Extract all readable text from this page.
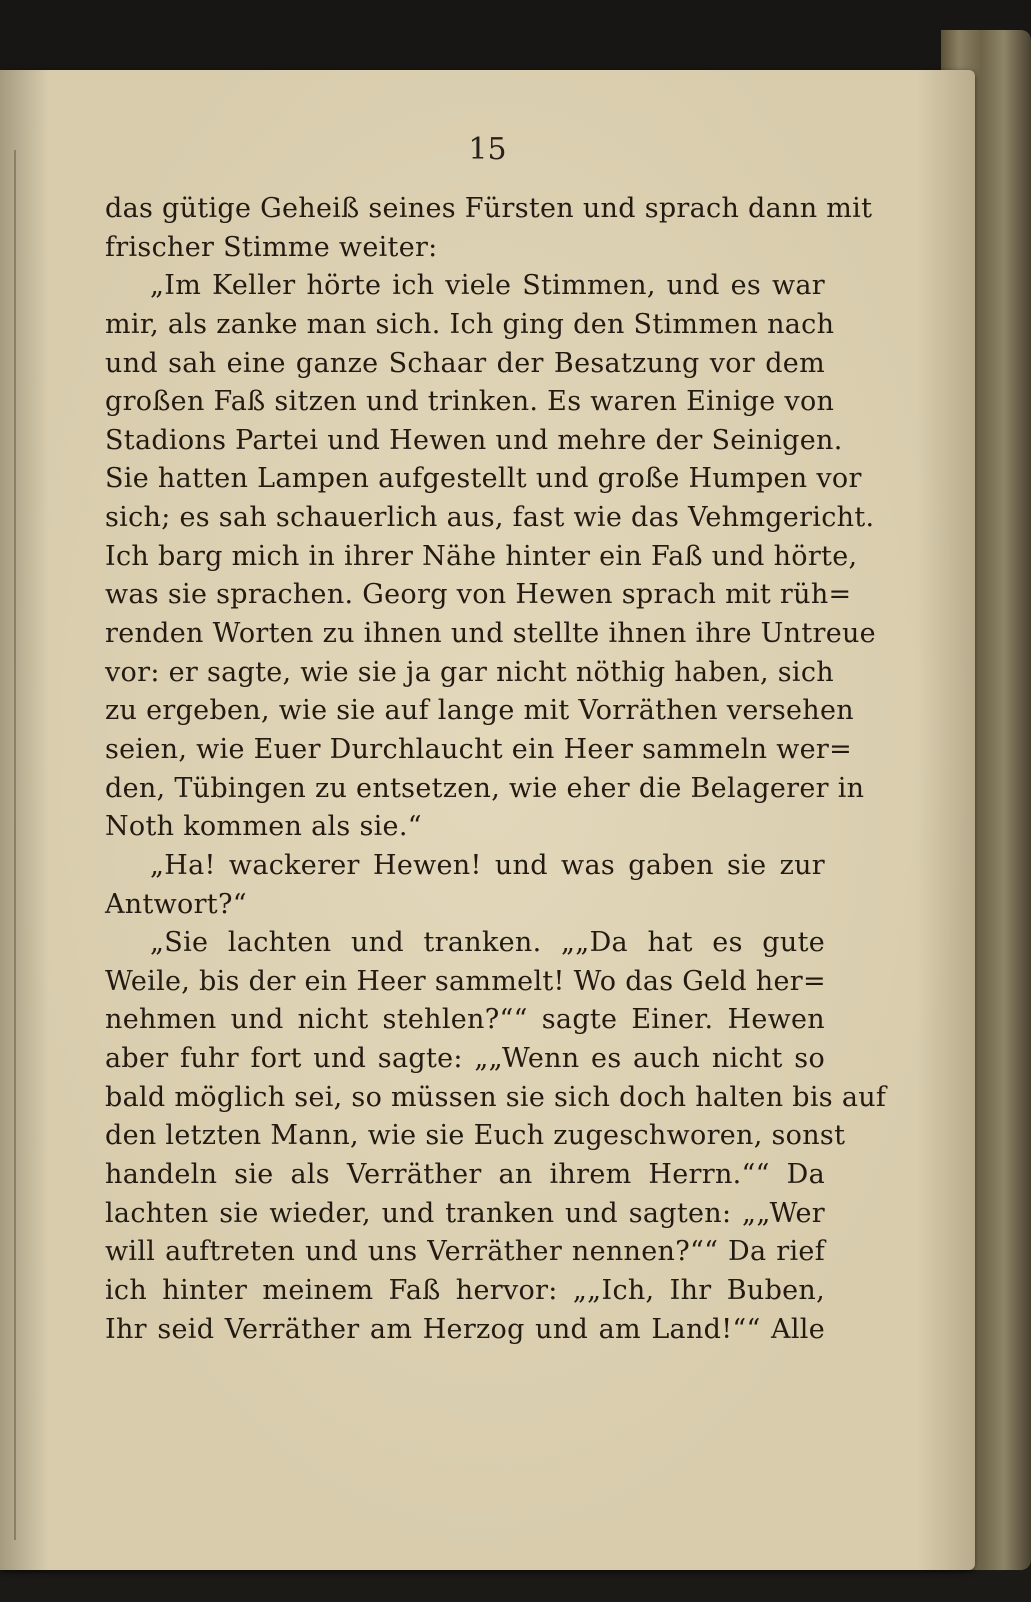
15
das gütige Geheiß seines Fürsten und sprach dann mit
frischer Stimme weiter:
„Im Keller hörte ich viele Stimmen, und es war
mir, als zanke man sich. Ich ging den Stimmen nach
und sah eine ganze Schaar der Besatzung vor dem
großen Faß sitzen und trinken. Es waren Einige von
Stadions Partei und Hewen und mehre der Seinigen.
Sie hatten Lampen aufgestellt und große Humpen vor
sich; es sah schauerlich aus, fast wie das Vehmgericht.
Ich barg mich in ihrer Nähe hinter ein Faß und hörte,
was sie sprachen. Georg von Hewen sprach mit rüh=
renden Worten zu ihnen und stellte ihnen ihre Untreue
vor: er sagte, wie sie ja gar nicht nöthig haben, sich
zu ergeben, wie sie auf lange mit Vorräthen versehen
seien, wie Euer Durchlaucht ein Heer sammeln wer=
den, Tübingen zu entsetzen, wie eher die Belagerer in
Noth kommen als sie.“
„Ha! wackerer Hewen! und was gaben sie zur
Antwort?“
„Sie lachten und tranken. „„Da hat es gute
Weile, bis der ein Heer sammelt! Wo das Geld her=
nehmen und nicht stehlen?““ sagte Einer. Hewen
aber fuhr fort und sagte: „„Wenn es auch nicht so
bald möglich sei, so müssen sie sich doch halten bis auf
den letzten Mann, wie sie Euch zugeschworen, sonst
handeln sie als Verräther an ihrem Herrn.““ Da
lachten sie wieder, und tranken und sagten: „„Wer
will auftreten und uns Verräther nennen?““ Da rief
ich hinter meinem Faß hervor: „„Ich, Ihr Buben,
Ihr seid Verräther am Herzog und am Land!““ Alle
